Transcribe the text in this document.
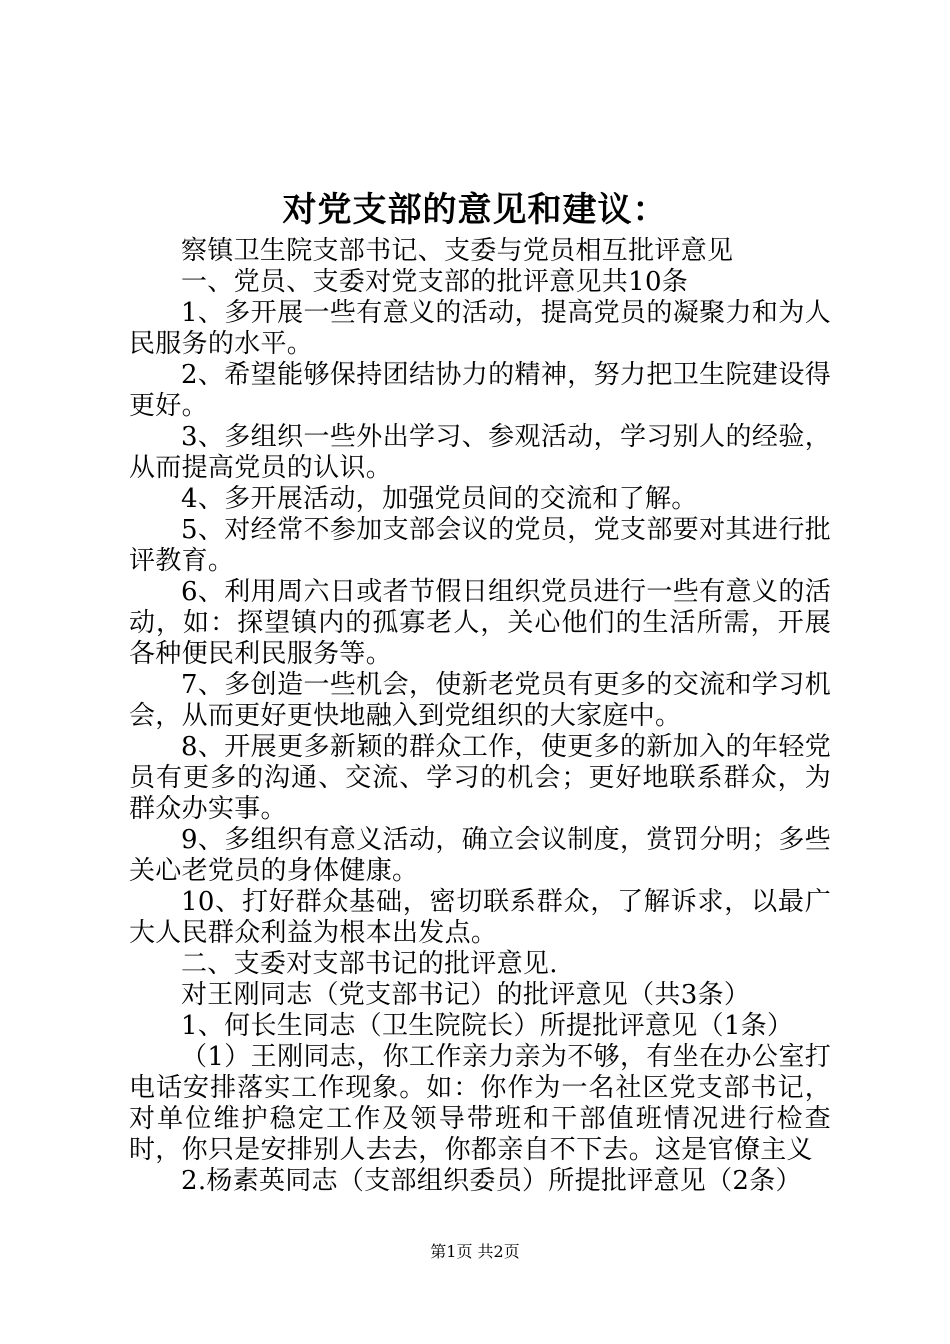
对党支部的意见和建议：

察镇卫生院支部书记、支委与党员相互批评意见

一、党员、支委对党支部的批评意见共10条

1、多开展一些有意义的活动，提高党员的凝聚力和为人民服务的水平。

2、希望能够保持团结协力的精神，努力把卫生院建设得更好。

3、多组织一些外出学习、参观活动，学习别人的经验，从而提高党员的认识。

4、多开展活动，加强党员间的交流和了解。

5、对经常不参加支部会议的党员，党支部要对其进行批评教育。

6、利用周六日或者节假日组织党员进行一些有意义的活动，如：探望镇内的孤寡老人，关心他们的生活所需，开展各种便民利民服务等。

7、多创造一些机会，使新老党员有更多的交流和学习机会，从而更好更快地融入到党组织的大家庭中。

8、开展更多新颖的群众工作，使更多的新加入的年轻党员有更多的沟通、交流、学习的机会；更好地联系群众，为群众办实事。

9、多组织有意义活动，确立会议制度，赏罚分明；多些关心老党员的身体健康。

10、打好群众基础，密切联系群众，了解诉求，以最广大人民群众利益为根本出发点。

二、支委对支部书记的批评意见.

对王刚同志（党支部书记）的批评意见（共3条）

1、何长生同志（卫生院院长）所提批评意见（1条）

（1）王刚同志，你工作亲力亲为不够，有坐在办公室打电话安排落实工作现象。如：你作为一名社区党支部书记，对单位维护稳定工作及领导带班和干部值班情况进行检查时，你只是安排别人去去，你都亲自不下去。这是官僚主义

2.杨素英同志（支部组织委员）所提批评意见（2条）

第1页 共2页
